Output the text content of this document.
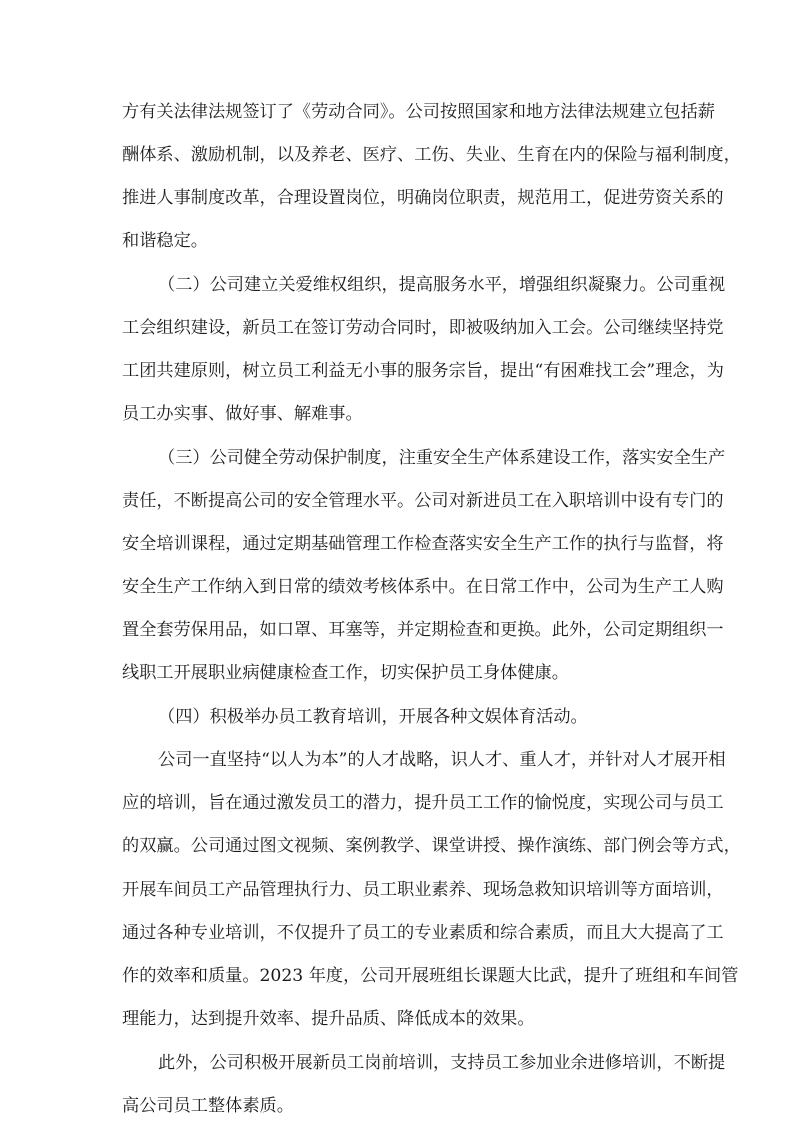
方有关法律法规签订了《劳动合同》。公司按照国家和地方法律法规建立包括薪
酬体系、激励机制，以及养老、医疗、工伤、失业、生育在内的保险与福利制度，
推进人事制度改革，合理设置岗位，明确岗位职责，规范用工，促进劳资关系的
和谐稳定。
（二）公司建立关爱维权组织，提高服务水平，增强组织凝聚力。公司重视
工会组织建设，新员工在签订劳动合同时，即被吸纳加入工会。公司继续坚持党
工团共建原则，树立员工利益无小事的服务宗旨，提出“有困难找工会”理念，为
员工办实事、做好事、解难事。
（三）公司健全劳动保护制度，注重安全生产体系建设工作，落实安全生产
责任，不断提高公司的安全管理水平。公司对新进员工在入职培训中设有专门的
安全培训课程，通过定期基础管理工作检查落实安全生产工作的执行与监督，将
安全生产工作纳入到日常的绩效考核体系中。在日常工作中，公司为生产工人购
置全套劳保用品，如口罩、耳塞等，并定期检查和更换。此外，公司定期组织一
线职工开展职业病健康检查工作，切实保护员工身体健康。
（四）积极举办员工教育培训，开展各种文娱体育活动。
公司一直坚持“以人为本”的人才战略，识人才、重人才，并针对人才展开相
应的培训，旨在通过激发员工的潜力，提升员工工作的愉悦度，实现公司与员工
的双赢。公司通过图文视频、案例教学、课堂讲授、操作演练、部门例会等方式，
开展车间员工产品管理执行力、员工职业素养、现场急救知识培训等方面培训，
通过各种专业培训，不仅提升了员工的专业素质和综合素质，而且大大提高了工
作的效率和质量。2023 年度，公司开展班组长课题大比武，提升了班组和车间管
理能力，达到提升效率、提升品质、降低成本的效果。
此外，公司积极开展新员工岗前培训，支持员工参加业余进修培训，不断提
高公司员工整体素质。
